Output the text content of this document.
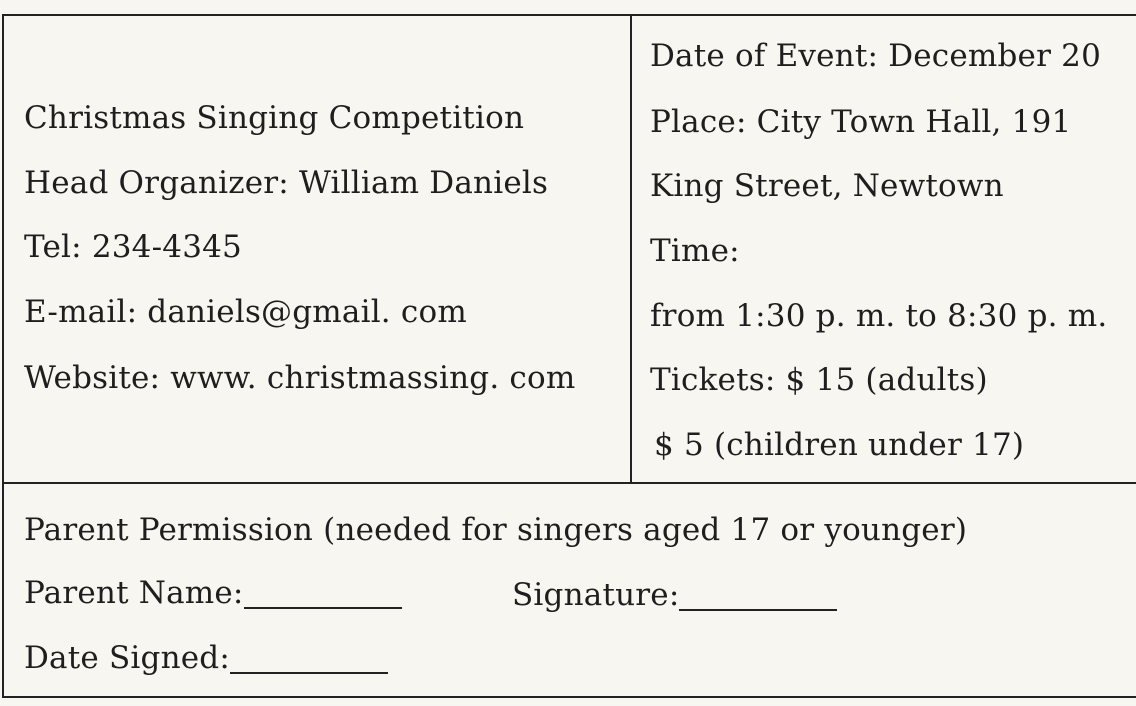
Christmas Singing Competition
Head Organizer: William Daniels
Tel: 234-4345
E-mail: daniels@gmail. com
Website: www. christmassing. com
Date of Event: December 20
Place: City Town Hall, 191
King Street, Newtown
Time:
from 1:30 p. m. to 8:30 p. m.
Tickets: $ 15 (adults)
$ 5 (children under 17)
Parent Permission (needed for singers aged 17 or younger)
Parent Name:	Signature:
Date Signed:
